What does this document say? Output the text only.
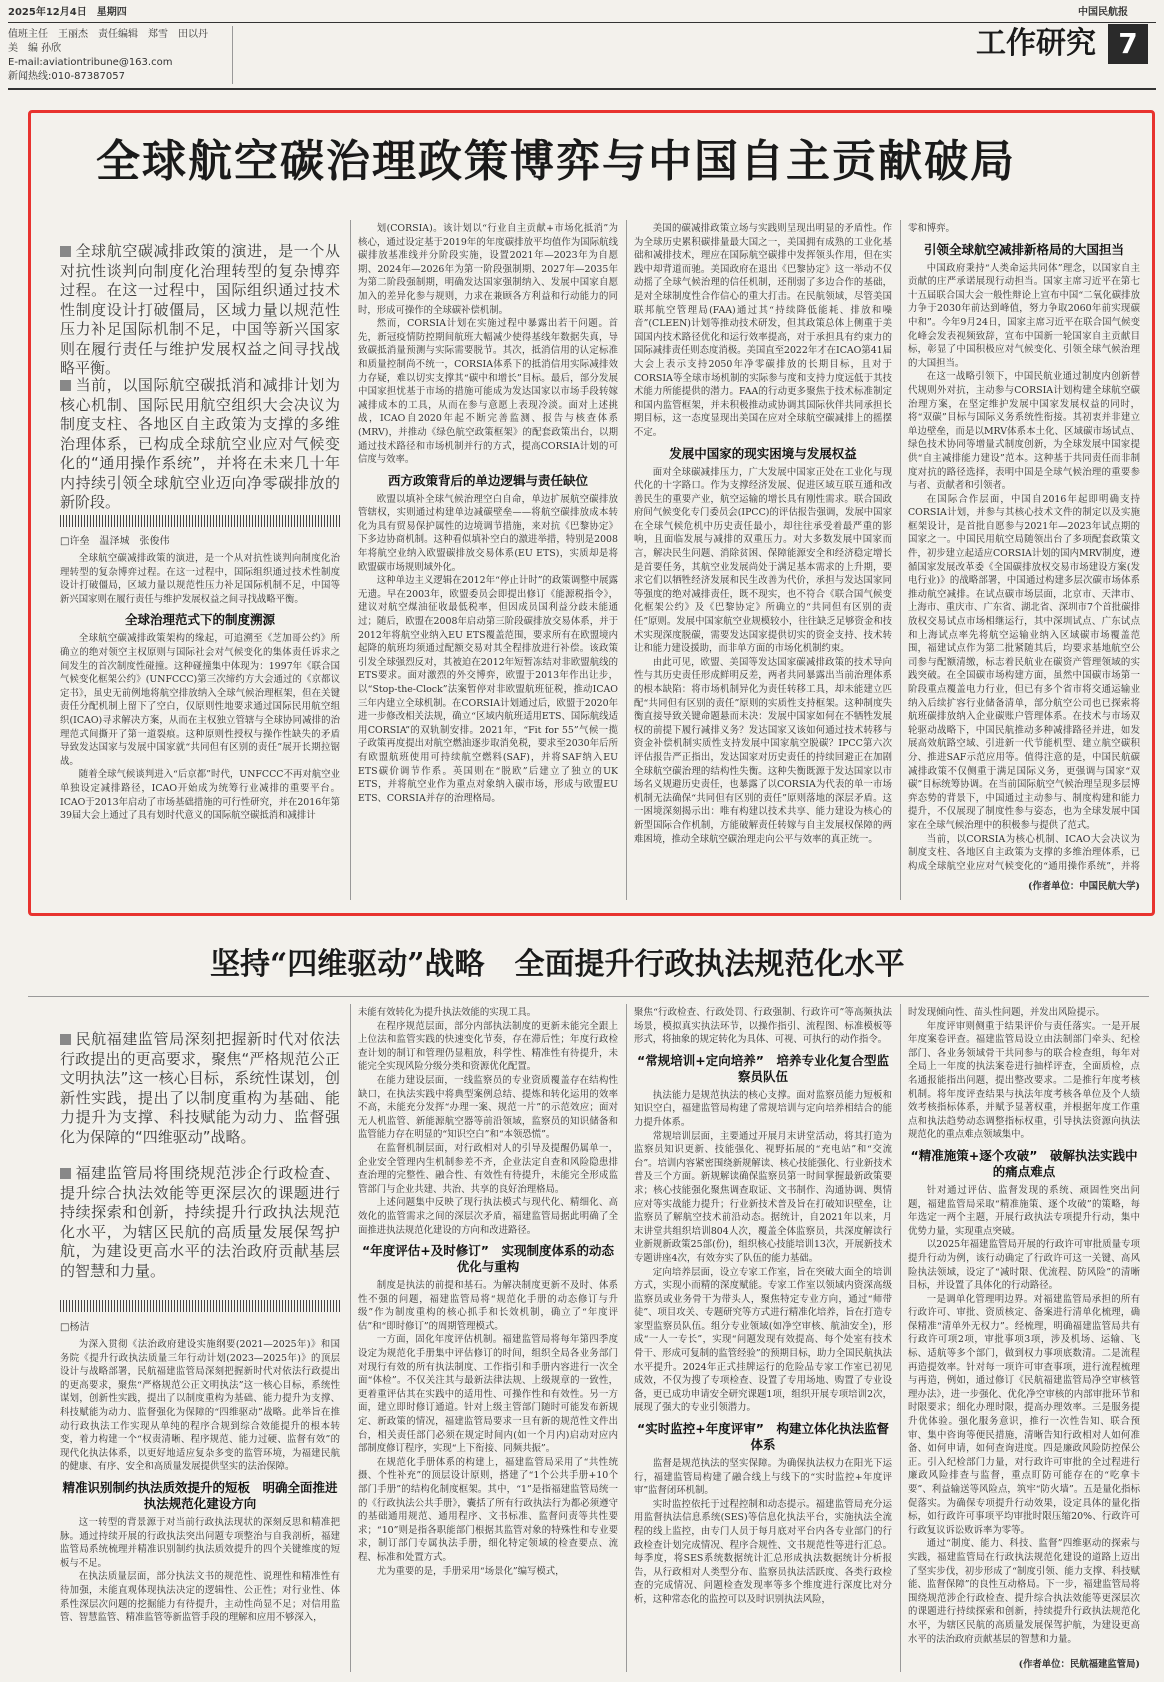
2025年12月4日　星期四	中国民航报
值班主任　王丽杰　责任编辑　郑雪　田以丹
美　编 孙欣
E-mail:aviationtribune@163.com
新闻热线:010-87387057
工作研究 7
全球航空碳治理政策博弈与中国自主贡献破局
全球航空碳减排政策的演进，是一个从对抗性谈判向制度化治理转型的复杂博弈过程。在这一过程中，国际组织通过技术性制度设计打破僵局，区域力量以规范性压力补足国际机制不足，中国等新兴国家则在履行责任与维护发展权益之间寻找战略平衡。
当前，以国际航空碳抵消和减排计划为核心机制、国际民用航空组织大会决议为制度支柱、各地区自主政策为支撑的多维治理体系，已构成全球航空业应对气候变化的“通用操作系统”，并将在未来几十年内持续引领全球航空业迈向净零碳排放的新阶段。
□许垒　温泽城　张俊伟

全球航空碳减排政策的演进，是一个从对抗性谈判向制度化治理转型的复杂博弈过程。在这一过程中，国际组织通过技术性制度设计打破僵局，区域力量以规范性压力补足国际机制不足，中国等新兴国家则在履行责任与维护发展权益之间寻找战略平衡。

全球治理范式下的制度溯源

全球航空碳减排政策架构的缘起，可追溯至《芝加哥公约》所确立的绝对领空主权原则与国际社会对气候变化的集体责任诉求之间发生的首次制度性碰撞。这种碰撞集中体现为：1997年《联合国气候变化框架公约》(UNFCCC)第三次缔约方大会通过的《京都议定书》，虽史无前例地将航空排放纳入全球气候治理框架，但在关键责任分配机制上留下了空白，仅原则性地要求通过国际民用航空组织(ICAO)寻求解决方案，从而在主权独立管辖与全球协同减排的治理范式间撕开了第一道裂痕。这种原则性授权与操作性缺失的矛盾导致发达国家与发展中国家就“共同但有区别的责任”展开长期拉锯战。

随着全球气候谈判进入“后京都”时代，UNFCCC不再对航空业单独设定减排路径，ICAO开始成为统筹行业减排的重要平台。ICAO于2013年启动了市场基础措施的可行性研究，并在2016年第39届大会上通过了具有划时代意义的国际航空碳抵消和减排计

划(CORSIA)。该计划以“行业自主贡献+市场化抵消”为核心，通过设定基于2019年的年度碳排放平均值作为国际航线碳排放基准线并分阶段实施，设置2021年—2023年为自愿期、2024年—2026年为第一阶段强制期、2027年—2035年为第二阶段强制期，明确发达国家强制纳入、发展中国家自愿加入的差异化参与规则，力求在兼顾各方利益和行动能力的同时，形成可操作的全球碳补偿机制。

然而，CORSIA计划在实施过程中暴露出若干问题。首先，新冠疫情防控期间航班大幅减少使得基线年数据失真，导致碳抵消量预测与实际需要脱节。其次，抵消信用的认定标准和质量控制尚不统一，CORSIA体系下的抵消信用实际减排效力存疑，难以切实支撑其“碳中和增长”目标。最后，部分发展中国家担忧基于市场的措施可能成为发达国家以市场手段转嫁减排成本的工具，从而在参与意愿上表现冷淡。面对上述挑战，ICAO自2020年起不断完善监测、报告与核查体系(MRV)，并推动《绿色航空政策框架》的配套政策出台，以期通过技术路径和市场机制并行的方式，提高CORSIA计划的可信度与效率。

西方政策背后的单边逻辑与责任缺位

欧盟以填补全球气候治理空白自命，单边扩展航空碳排放管辖权，实则通过构建单边减碳壁垒——将航空碳排放成本转化为具有贸易保护属性的边境调节措施，来对抗《巴黎协定》下多边协商机制。这种看似填补空白的激进举措，特别是2008年将航空业纳入欧盟碳排放交易体系(EU ETS)，实质却是将欧盟碳市场规则域外化。

这种单边主义逻辑在2012年“停止计时”的政策调整中展露无遗。早在2003年，欧盟委员会即提出修订《能源税指令》，建议对航空煤油征收最低税率，但因成员国利益分歧未能通过；随后，欧盟在2008年启动第三阶段碳排放交易体系，并于2012年将航空业纳入EU ETS覆盖范围，要求所有在欧盟境内起降的航班均须通过配额交易对其全程排放进行补偿。该政策引发全球强烈反对，其被迫在2012年短暂冻结对非欧盟航线的ETS要求。面对激烈的外交博弈，欧盟于2013年作出让步，以“Stop-the-Clock”法案暂停对非欧盟航班征税，推动ICAO三年内建立全球机制。在CORSIA计划通过后，欧盟于2020年进一步修改相关法规，确立“区域内航班适用ETS、国际航线适用CORSIA”的双轨制安排。2021年，“Fit for 55”气候一揽子政策再度提出对航空燃油逐步取消免税，要求至2030年后所有欧盟航班使用可持续航空燃料(SAF)，并将SAF纳入EU ETS碳价调节作系。英国则在“脱欧”后建立了独立的UK ETS，并将航空业作为重点对象纳入碳市场，形成与欧盟EU ETS、CORSIA并存的治理格局。

美国的碳减排政策立场与实践则呈现出明显的矛盾性。作为全球历史累积碳排量最大国之一，美国拥有成熟的工业化基础和减排技术，理应在国际航空碳排中发挥领头作用，但在实践中却背道而驰。美国政府在退出《巴黎协定》这一举动不仅动摇了全球气候治理的信任机制，还削弱了多边合作的基础，是对全球制度性合作信心的重大打击。在民航领域，尽管美国联邦航空管理局(FAA)通过其“持续降低能耗、排放和噪音”(CLEEN)计划等推动技术研发，但其政策总体上侧重于美国国内技术路径优化和运行效率提高，对于承担具有约束力的国际减排责任则态度消极。美国直至2022年才在ICAO第41届大会上表示支持2050年净零碳排放的长期目标，且对于CORSIA等全球市场机制的实际参与度和支持力度远低于其技术能力所能提供的潜力。FAA的行动更多聚焦于技术标准制定和国内监管框架，并未积极推动或协调其国际伙伴共同承担长期目标，这一态度显现出美国在应对全球航空碳减排上的摇摆不定。

发展中国家的现实困境与发展权益

面对全球碳减排压力，广大发展中国家正处在工业化与现代化的十字路口。作为支撑经济发展、促进区域互联互通和改善民生的重要产业，航空运输的增长具有刚性需求。联合国政府间气候变化专门委员会(IPCC)的评估报告强调，发展中国家在全球气候危机中历史责任最小，却往往承受着最严重的影响，且面临发展与减排的双重压力。对大多数发展中国家而言，解决民生问题、消除贫困、保障能源安全和经济稳定增长是首要任务，其航空业发展尚处于满足基本需求的上升期，要求它们以牺牲经济发展和民生改善为代价，承担与发达国家同等强度的绝对减排责任，既不现实，也不符合《联合国气候变化框架公约》及《巴黎协定》所确立的“共同但有区别的责任”原则。发展中国家航空业规模较小，往往缺乏足够资金和技术实现深度脱碳，需要发达国家提供切实的资金支持、技术转让和能力建设援助，而非单方面的市场化机制约束。

由此可见，欧盟、美国等发达国家碳减排政策的技术导向性与其历史责任形成鲜明反差，两者共同暴露出当前治理体系的根本缺陷：将市场机制异化为责任转移工具，却未能建立匹配“共同但有区别的责任”原则的实质性支持框架。这种制度失衡直接导致关键命题悬而未决：发展中国家如何在不牺牲发展权的前提下履行减排义务？发达国家又该如何通过技术转移与资金补偿机制实质性支持发展中国家航空脱碳？IPCC第六次评估报告严正指出，发达国家对历史责任的持续回避正在加剧全球航空碳治理的结构性失衡。这种失衡既源于发达国家以市场名义规避历史责任，也暴露了以CORSIA为代表的单一市场机制无法确保“共同但有区别的责任”原则落地的深层矛盾。这一困境深刻揭示出：唯有构建以技术共享、能力建设为核心的新型国际合作机制，方能破解责任转嫁与自主发展权保障的两难困境，推动全球航空碳治理走向公平与效率的真正统一。

零和博弈。

引领全球航空减排新格局的大国担当

中国政府秉持“人类命运共同体”理念，以国家自主贡献的庄严承诺展现行动担当。国家主席习近平在第七十五届联合国大会一般性辩论上宣布中国“二氧化碳排放力争于2030年前达到峰值，努力争取2060年前实现碳中和”。今年9月24日，国家主席习近平在联合国气候变化峰会发表视频致辞，宣布中国新一轮国家自主贡献目标，彰显了中国积极应对气候变化、引领全球气候治理的大国担当。

在这一战略引领下，中国民航业通过制度内创新替代规则外对抗，主动参与CORSIA计划构建全球航空碳治理方案，在坚定维护发展中国家发展权益的同时，将“双碳”目标与国际义务系统性衔接。其初衷并非建立单边壁垒，而是以MRV体系本土化、区域碳市场试点、绿色技术协同等增量式制度创新，为全球发展中国家提供“自主减排能力建设”范本。这种基于共同责任而非制度对抗的路径选择，表明中国是全球气候治理的重要参与者、贡献者和引领者。

在国际合作层面，中国自2016年起即明确支持CORSIA计划，并参与其核心技术文件的制定以及实施框架设计，是首批自愿参与2021年—2023年试点期的国家之一。中国民用航空局随领出台了多项配套政策文件，初步建立起适应CORSIA计划的国内MRV制度，遵循国家发展改革委《全国碳排放权交易市场建设方案(发电行业)》的战略部署，中国通过构建多层次碳市场体系推动航空减排。在试点碳市场层面，北京市、天津市、上海市、重庆市、广东省、湖北省、深圳市7个首批碳排放权交易试点市场相继运行，其中深圳试点、广东试点和上海试点率先将航空运输业纳入区域碳市场覆盖范围，福建试点作为第二批紧随其后，均要求基地航空公司参与配额清缴，标志着民航业在碳资产管理领域的实践突破。在全国碳市场构建方面，虽然中国碳市场第一阶段重点覆盖电力行业，但已有多个省市将交通运输业纳入后续扩容行业储备清单，部分航空公司也已探索将航班碳排放纳入企业碳账户管理体系。在技术与市场双轮驱动战略下，中国民航推动多种减排路径并进，如发展高效航路空域、引进新一代节能机型、建立航空碳积分、推进SAF示范应用等。值得注意的是，中国民航碳减排政策不仅侧重于满足国际义务，更强调与国家“双碳”目标统筹协调。在当前国际航空气候治理呈现多层博弈态势的背景下，中国通过主动参与、制度构建和能力提升，不仅展现了制度性参与姿态，也为全球发展中国家在全球气候治理中的积极参与提供了范式。

当前，以CORSIA为核心机制、ICAO大会决议为制度支柱、各地区自主政策为支撑的多维治理体系，已构成全球航空业应对气候变化的“通用操作系统”，并将

(作者单位：中国民航大学)
坚持“四维驱动”战略　全面提升行政执法规范化水平
民航福建监管局深刻把握新时代对依法行政提出的更高要求，聚焦“严格规范公正文明执法”这一核心目标，系统性谋划，创新性实践，提出了以制度重构为基础、能力提升为支撑、科技赋能为动力、监督强化为保障的“四维驱动”战略。
福建监管局将围绕规范涉企行政检查、提升综合执法效能等更深层次的课题进行持续探索和创新，持续提升行政执法规范化水平，为辖区民航的高质量发展保驾护航，为建设更高水平的法治政府贡献基层的智慧和力量。
□杨洁

为深入贯彻《法治政府建设实施纲要(2021—2025年)》和国务院《提升行政执法质量三年行动计划(2023—2025年)》的顶层设计与战略部署，民航福建监管局深刻把握新时代对依法行政提出的更高要求，聚焦“严格规范公正文明执法”这一核心目标，系统性谋划，创新性实践，提出了以制度重构为基础、能力提升为支撑、科技赋能为动力、监督强化为保障的“四维驱动”战略。此举旨在推动行政执法工作实现从单纯的程序合规到综合效能提升的根本转变，着力构建一个“权责清晰、程序规范、能力过硬、监督有效”的现代化执法体系，以更好地适应复杂多变的监管环境，为福建民航的健康、有序、安全和高质量发展提供坚实的法治保障。

精准识别制约执法质效提升的短板　明确全面推进执法规范化建设方向

这一转型的背景源于对当前行政执法现状的深刻反思和精准把脉。通过持续开展的行政执法突出问题专项整治与自我剖析，福建监管局系统梳理并精准识别制约执法质效提升的四个关键维度的短板与不足。

在执法质量层面，部分执法文书的规范性、说理性和精准性有待加强，未能直观体现执法决定的逻辑性、公正性；对行业性、体系性深层次问题的挖掘能力有待提升，主动性尚显不足；对信用监管、智慧监管、精准监管等新监管手段的理解和应用不够深入，

未能有效转化为提升执法效能的实现工具。

在程序规范层面，部分内部执法制度的更新未能完全跟上上位法和监管实践的快速变化节奏，存在滞后性；年度行政检查计划的制订和管理仍显粗放，科学性、精准性有待提升，未能完全实现风险分级分类和资源优化配置。

在能力建设层面，一线监察员的专业资质覆盖存在结构性缺口，在执法实践中将典型案例总结、提炼和转化运用的效率不高，未能充分发挥“办理一案、规范一片”的示范效应；面对无人机监管、新能源航空器等前沿领域，监察员的知识储备和监管能力存在明显的“知识空白”和“本领恐慌”。

在监督机制层面，对行政相对人的引导及提醒仍属单一，企业安全管理内生机制参差不齐，企业法定自查和风险隐患排查治理的完整性、融合性、有效性有待提升，未能完全形成监管部门与企业共建、共治、共享的良好治理格局。

上述问题集中反映了现行执法模式与现代化、精细化、高效化的监管需求之间的深层次矛盾，福建监管局据此明确了全面推进执法规范化建设的方向和改进路径。

“年度评估+及时修订”　实现制度体系的动态优化与重构

制度是执法的前提和基石。为解决制度更新不及时、体系性不强的问题，福建监管局将“规范化手册的动态修订与升级”作为制度重构的核心抓手和长效机制，确立了“年度评估”和“即时修订”的周期管理模式。

一方面，固化年度评估机制。福建监管局将每年第四季度设定为规范化手册集中评估修订的时间，组织全局各业务部门对现行有效的所有执法制度、工作指引和手册内容进行一次全面“体检”。不仅关注其与最新法律法规、上级规章的一致性，更着重评估其在实践中的适用性、可操作性和有效性。另一方面，建立即时修订通道。针对上级主管部门随时可能发布新规定、新政策的情况，福建监管局要求一旦有新的规范性文件出台，相关责任部门必须在规定时间内(如一个月内)启动对应内部制度修订程序，实现“上下衔接、同频共振”。

在规范化手册体系的构建上，福建监管局采用了“共性统摄、个性补充”的顶层设计原则，搭建了“1个公共手册+10个部门手册”的结构化制度框架。其中，“1”是指福建监管局统一的《行政执法公共手册》，囊括了所有行政执法行为都必须遵守的基础通用规范、通用程序、文书标准、监督问责等共性要求；“10”则是指各职能部门根据其监管对象的特殊性和专业要求，制订部门专属执法手册，细化特定领域的检查要点、流程、标准和处置方式。

尤为重要的是，手册采用“场景化”编写模式，

聚焦“行政检查、行政处罚、行政强制、行政许可”等高频执法场景，模拟真实执法环节，以操作指引、流程图、标准模板等形式，将抽象的规定转化为具体、可视、可执行的动作指令。

“常规培训+定向培养”　培养专业化复合型监察员队伍

执法能力是规范执法的核心支撑。面对监察员能力短板和知识空白，福建监管局构建了常规培训与定向培养相结合的能力提升体系。

常规培训层面，主要通过开展月末讲堂活动，将其打造为监察员知识更新、技能强化、视野拓展的“充电站”和“交流台”。培训内容紧密围绕新规解读、核心技能强化、行业新技术普及三个方面。新规解读确保监察员第一时间掌握最新政策要求；核心技能强化聚焦调查取证、文书制作、沟通协调、舆情应对等实战能力提升；行业新技术普及旨在打破知识壁垒，让监察员了解航空技术前沿动态。据统计，自2021年以来，月末讲堂共组织培训804人次，覆盖全体监察员，共深度解读行业新规新政策25部(份)，组织核心技能培训13次，开展新技术专题讲座4次，有效夯实了队伍的能力基础。

定向培养层面，设立专家工作室，旨在突破大面全的培训方式，实现小而精的深度赋能。专家工作室以领域内资深高级监察员或业务骨干为带头人，聚焦特定专业方向，通过“师带徒”、项目攻关、专题研究等方式进行精准化培养，旨在打造专家型监察员队伍。组分专业领域(如净空审核、航油安全)，形成“一人一专长”，实现“问题发现有效提高、每个处室有技术骨干、形成可复制的监管经验”的预期目标，助力全国民航执法水平提升。2024年正式挂牌运行的危险品专家工作室已初见成效，不仅为搜了专项检查、设置了专用场地、购置了专业设备，更已成功申请安全研究课题1项，组织开展专项培训2次，展现了强大的专业引领潜力。

“实时监控+年度评审”　构建立体化执法监督体系

监督是规范执法的坚实保障。为确保执法权力在阳光下运行，福建监管局构建了融合线上与线下的“实时监控+年度评审”监督闭环机制。

实时监控依托于过程控制和动态提示。福建监管局充分运用监督执法信息系统(SES)等信息化执法平台，实施执法全流程的线上监控，由专门人员于每月底对平台内各专业部门的行政检查计划完成情况、程序合规性、文书规范性等进行汇总。每季度，将SES系统数据统计汇总形成执法数据统计分析报告，从行政相对人类型分布、监察员执法活跃度、各类行政检查的完成情况、问题检查发现率等多个维度进行深度比对分析，这种常态化的监控可以及时识别执法风险，

时发现倾向性、苗头性问题，并发出风险提示。

年度评审则侧重于结果评价与责任落实。一是开展年度案卷评查。福建监管局设立由法制部门牵头、纪检部门、各业务领域骨干共同参与的联合检查组，每年对全局上一年度的执法案卷进行抽样评查，全面质检，点名通报能指出问题，提出整改要求。二是推行年度考核机制。将年度评查结果与执法年度考核各单位及个人绩效考核指标体系，并赋予显著权重，并根据年度工作重点和执法趋势动态调整指标权重，引导执法资源向执法规范化的重点难点领域集中。

“精准施策+逐个攻破”　破解执法实践中的痛点难点

针对通过评估、监督发现的系统、顽固性突出问题，福建监管局采取“精准施策、逐个攻破”的策略，每年选定一两个主题，开展行政执法专项提升行动，集中优势力量，实现重点突破。

以2025年福建监管局开展的行政许可审批质量专项提升行动为例，该行动确定了行政许可这一关键、高风险执法领域，设定了“减时限、优流程、防风险”的清晰目标，并设置了具体化的行动路径。

一是调单化管理明边界。对福建监管局承担的所有行政许可、审批、资质核定、备案进行清单化梳理，确保精准“清单外无权力”。经梳理，明确福建监管局共有行政许可项2项，审批事项3项，涉及机场、运输、飞标、适航等多个部门，做到权力事项底数清。二是流程再造提效率。针对每一项许可审查事项，进行流程梳理与再造，例如，通过修订《民航福建监管局净空审核管理办法》，进一步强化、优化净空审核的内部审批环节和时限要求；细化办理时限，提高办理效率。三是服务提升优体验。强化服务意识，推行一次性告知、联合预审、集中咨询等便民措施，清晰告知行政相对人如何准备、如何申请，如何查询进度。四是廉政风险防控保公正。引入纪检部门力量，对行政许可审批的全过程进行廉政风险排查与监督，重点盯防可能存在的“吃拿卡要”、利益输送等风险点，筑牢“防火墙”。五是量化指标促落实。为确保专项提升行动效果，设定具体的量化指标，如行政许可事项平均审批时限压缩20%、行政许可行政复议诉讼败诉率为零等。

通过“制度、能力、科技、监督”四维驱动的探索与实践，福建监管局在行政执法规范化建设的道路上迈出了坚实步伐，初步形成了“制度引领、能力支撑、科技赋能、监督保障”的良性互动格局。下一步，福建监管局将围绕规范涉企行政检查、提升综合执法效能等更深层次的课题进行持续探索和创新，持续提升行政执法规范化水平，为辖区民航的高质量发展保驾护航，为建设更高水平的法治政府贡献基层的智慧和力量。

(作者单位：民航福建监管局)
